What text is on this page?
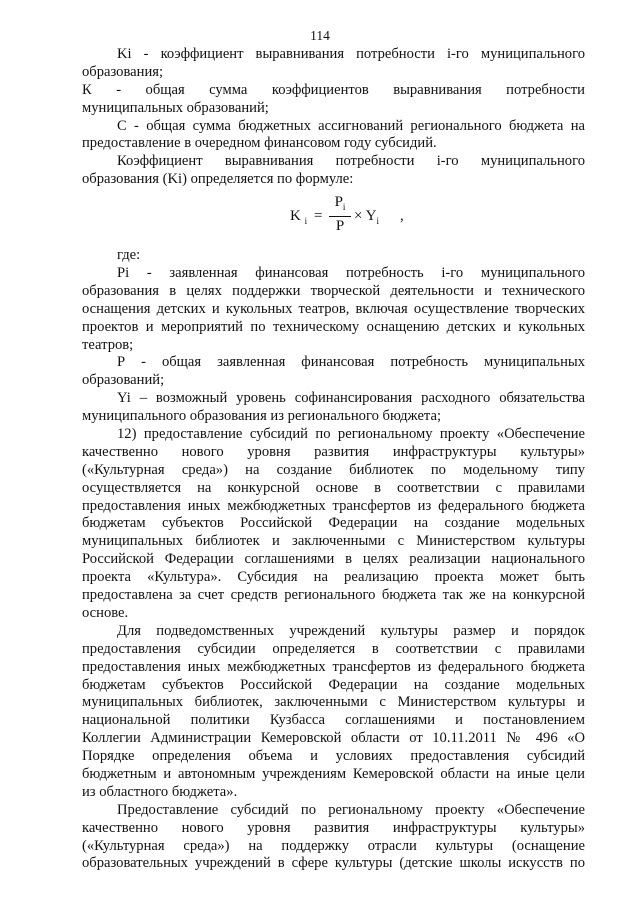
114
Ki - коэффициент выравнивания потребности i-го муниципального
образования;
К - общая сумма коэффициентов выравнивания потребности
муниципальных образований;
С - общая сумма бюджетных ассигнований регионального бюджета на
предоставление в очередном финансовом году субсидий.
Коэффициент выравнивания потребности i-го муниципального
образования (Ki) определяется по формуле:
K $_i = \frac{P_i}{P} \times Y_i$ ,
где:
Рi - заявленная финансовая потребность i-го муниципального
образования в целях поддержки творческой деятельности и технического
оснащения детских и кукольных театров, включая осуществление творческих
проектов и мероприятий по техническому оснащению детских и кукольных
театров;
Р - общая заявленная финансовая потребность муниципальных
образований;
Yi – возможный уровень софинансирования расходного обязательства
муниципального образования из регионального бюджета;
12) предоставление субсидий по региональному проекту «Обеспечение
качественно нового уровня развития инфраструктуры культуры»
(«Культурная среда») на создание библиотек по модельному типу
осуществляется на конкурсной основе в соответствии с правилами
предоставления иных межбюджетных трансфертов из федерального бюджета
бюджетам субъектов Российской Федерации на создание модельных
муниципальных библиотек и заключенными с Министерством культуры
Российской Федерации соглашениями в целях реализации национального
проекта «Культура». Субсидия на реализацию проекта может быть
предоставлена за счет средств регионального бюджета так же на конкурсной
основе.
Для подведомственных учреждений культуры размер и порядок
предоставления субсидии определяется в соответствии с правилами
предоставления иных межбюджетных трансфертов из федерального бюджета
бюджетам субъектов Российской Федерации на создание модельных
муниципальных библиотек, заключенными с Министерством культуры и
национальной политики Кузбасса соглашениями и постановлением
Коллегии Администрации Кемеровской области от 10.11.2011 № 496 «О
Порядке определения объема и условиях предоставления субсидий
бюджетным и автономным учреждениям Кемеровской области на иные цели
из областного бюджета».
Предоставление субсидий по региональному проекту «Обеспечение
качественно нового уровня развития инфраструктуры культуры»
(«Культурная среда») на поддержку отрасли культуры (оснащение
образовательных учреждений в сфере культуры (детские школы искусств по
